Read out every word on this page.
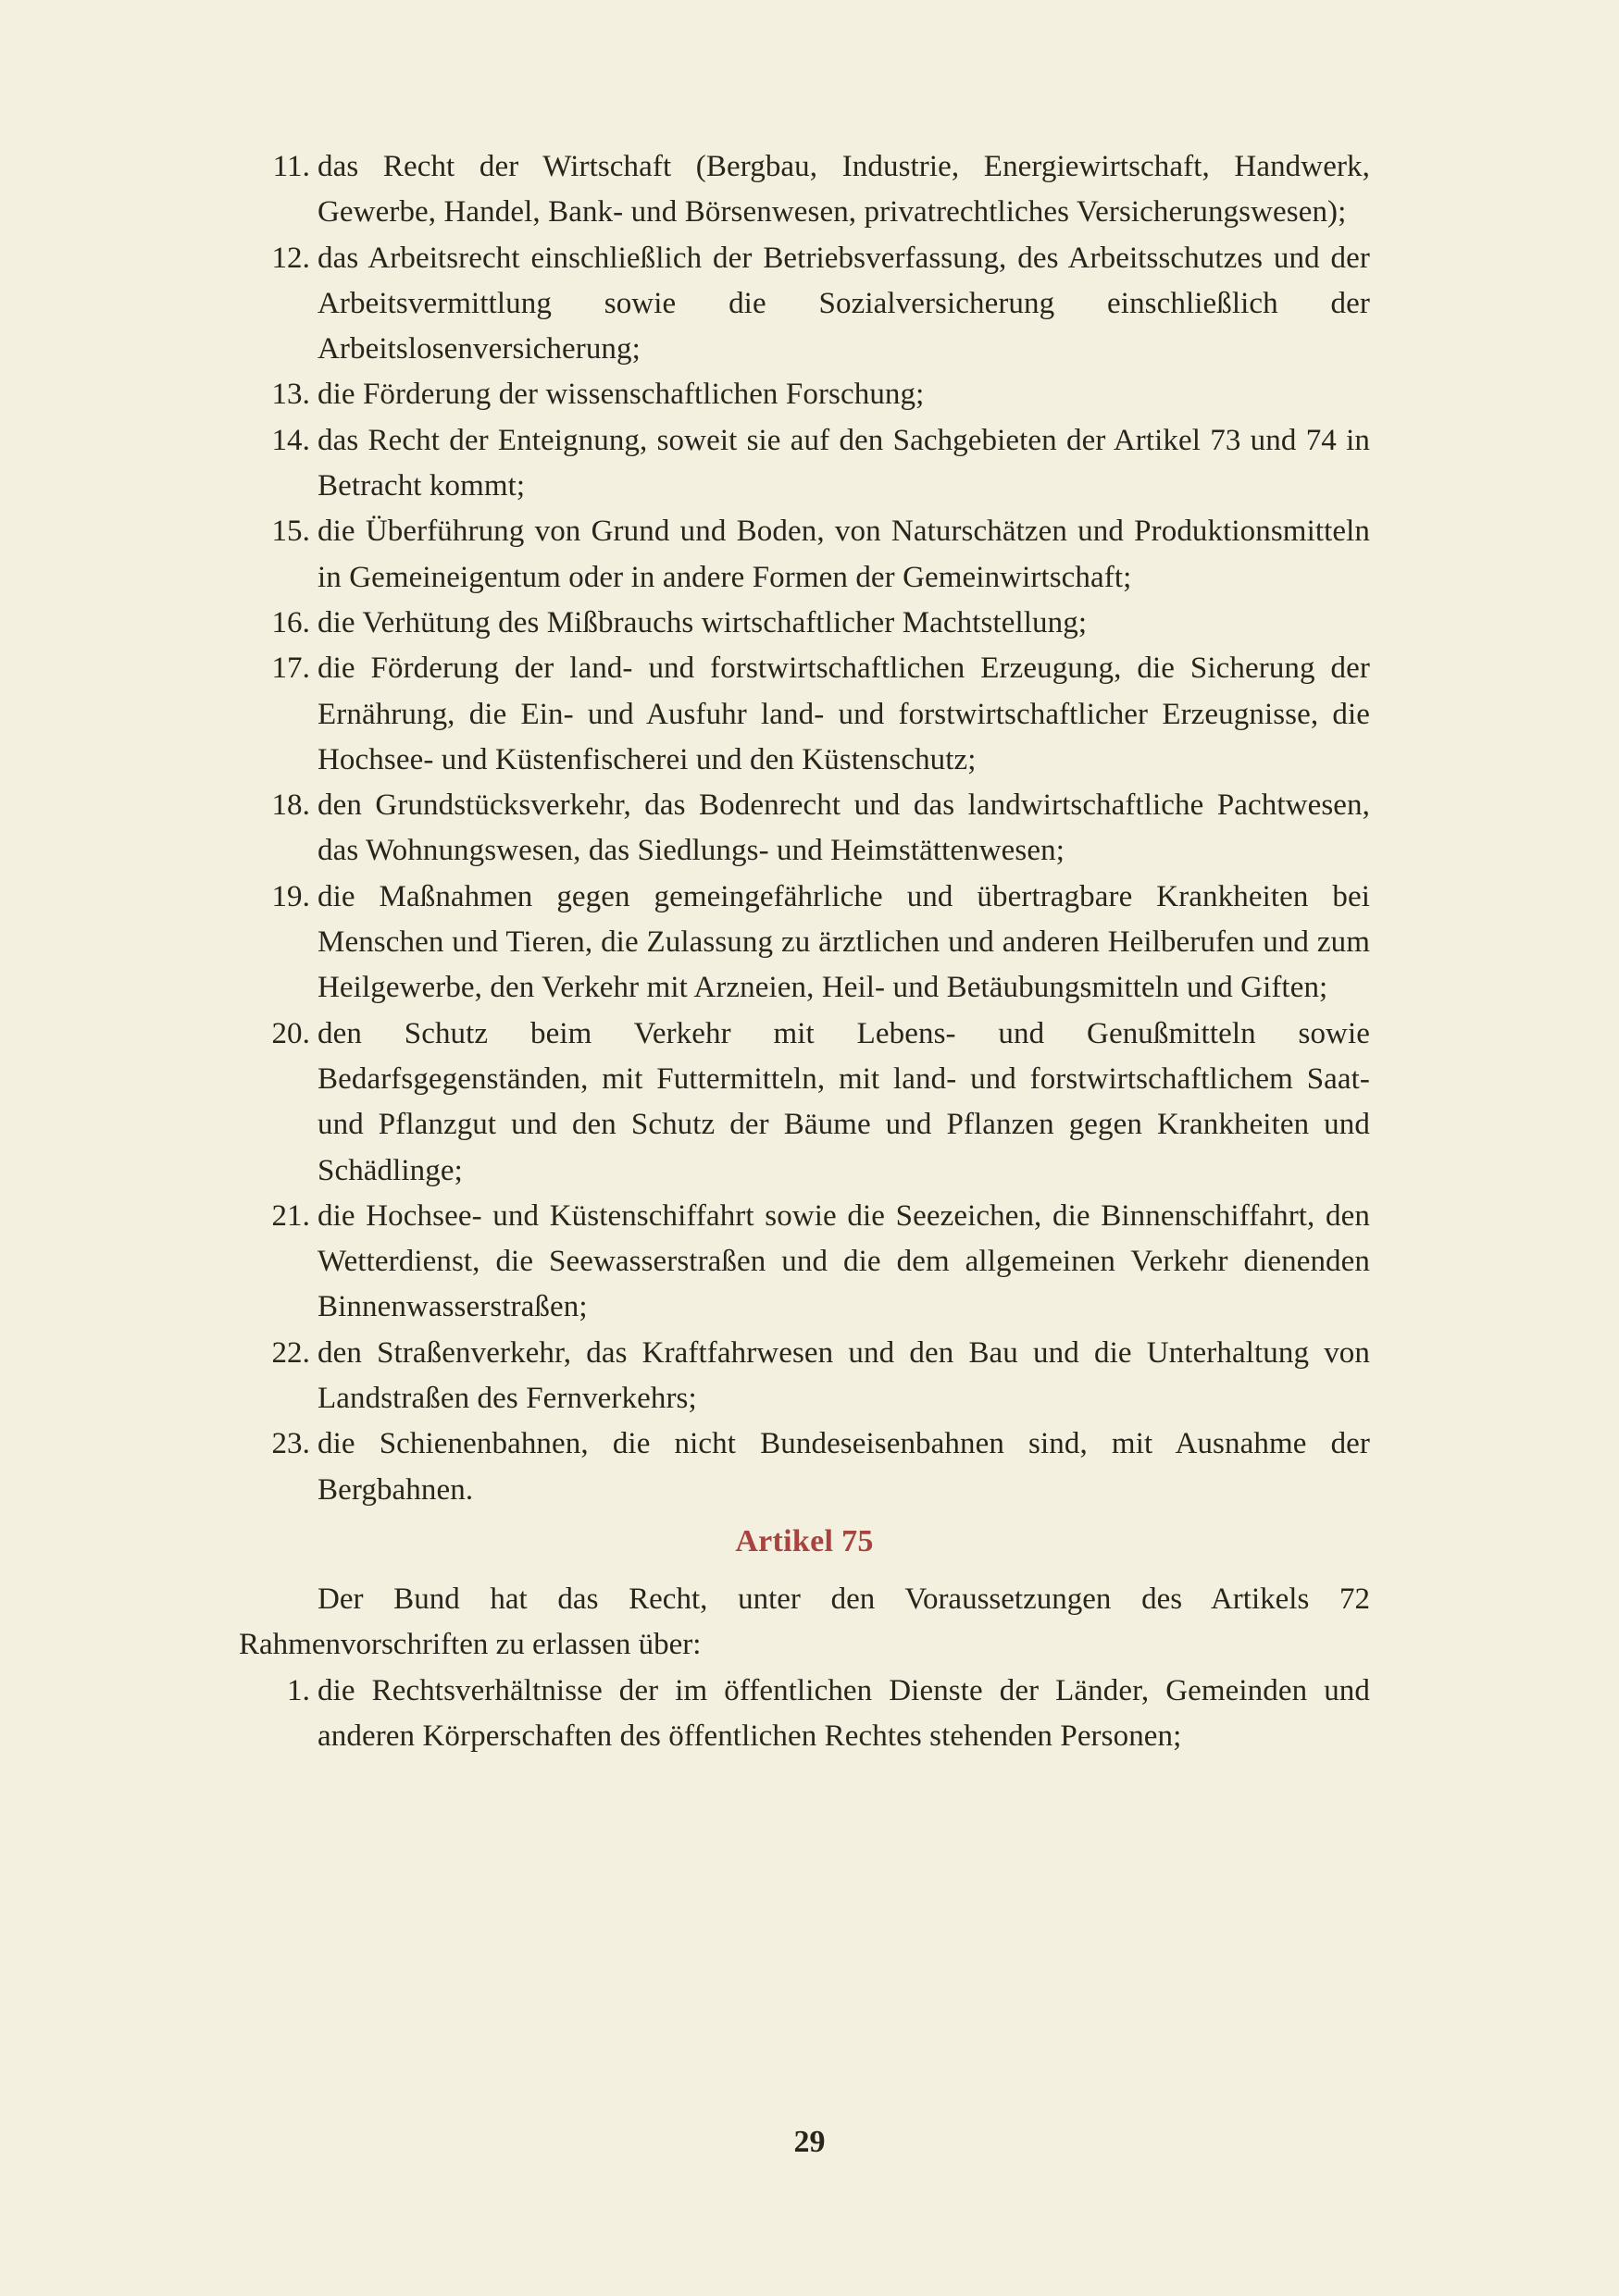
11. das Recht der Wirtschaft (Bergbau, Industrie, Energiewirtschaft, Handwerk, Gewerbe, Handel, Bank- und Börsenwesen, privatrechtliches Versicherungswesen);
12. das Arbeitsrecht einschließlich der Betriebsverfassung, des Arbeitsschutzes und der Arbeitsvermittlung sowie die Sozialversicherung einschließlich der Arbeitslosenversicherung;
13. die Förderung der wissenschaftlichen Forschung;
14. das Recht der Enteignung, soweit sie auf den Sachgebieten der Artikel 73 und 74 in Betracht kommt;
15. die Überführung von Grund und Boden, von Naturschätzen und Produktionsmitteln in Gemeineigentum oder in andere Formen der Gemeinwirtschaft;
16. die Verhütung des Mißbrauchs wirtschaftlicher Machtstellung;
17. die Förderung der land- und forstwirtschaftlichen Erzeugung, die Sicherung der Ernährung, die Ein- und Ausfuhr land- und forstwirtschaftlicher Erzeugnisse, die Hochsee- und Küstenfischerei und den Küstenschutz;
18. den Grundstücksverkehr, das Bodenrecht und das landwirtschaftliche Pachtwesen, das Wohnungswesen, das Siedlungs- und Heimstättenwesen;
19. die Maßnahmen gegen gemeingefährliche und übertragbare Krankheiten bei Menschen und Tieren, die Zulassung zu ärztlichen und anderen Heilberufen und zum Heilgewerbe, den Verkehr mit Arzneien, Heil- und Betäubungsmitteln und Giften;
20. den Schutz beim Verkehr mit Lebens- und Genußmitteln sowie Bedarfsgegenständen, mit Futtermitteln, mit land- und forstwirtschaftlichem Saat- und Pflanzgut und den Schutz der Bäume und Pflanzen gegen Krankheiten und Schädlinge;
21. die Hochsee- und Küstenschiffahrt sowie die Seezeichen, die Binnenschiffahrt, den Wetterdienst, die Seewasserstraßen und die dem allgemeinen Verkehr dienenden Binnenwasserstraßen;
22. den Straßenverkehr, das Kraftfahrwesen und den Bau und die Unterhaltung von Landstraßen des Fernverkehrs;
23. die Schienenbahnen, die nicht Bundeseisenbahnen sind, mit Ausnahme der Bergbahnen.
Artikel 75
Der Bund hat das Recht, unter den Voraussetzungen des Artikels 72 Rahmenvorschriften zu erlassen über:
1. die Rechtsverhältnisse der im öffentlichen Dienste der Länder, Gemeinden und anderen Körperschaften des öffentlichen Rechtes stehenden Personen;
29
